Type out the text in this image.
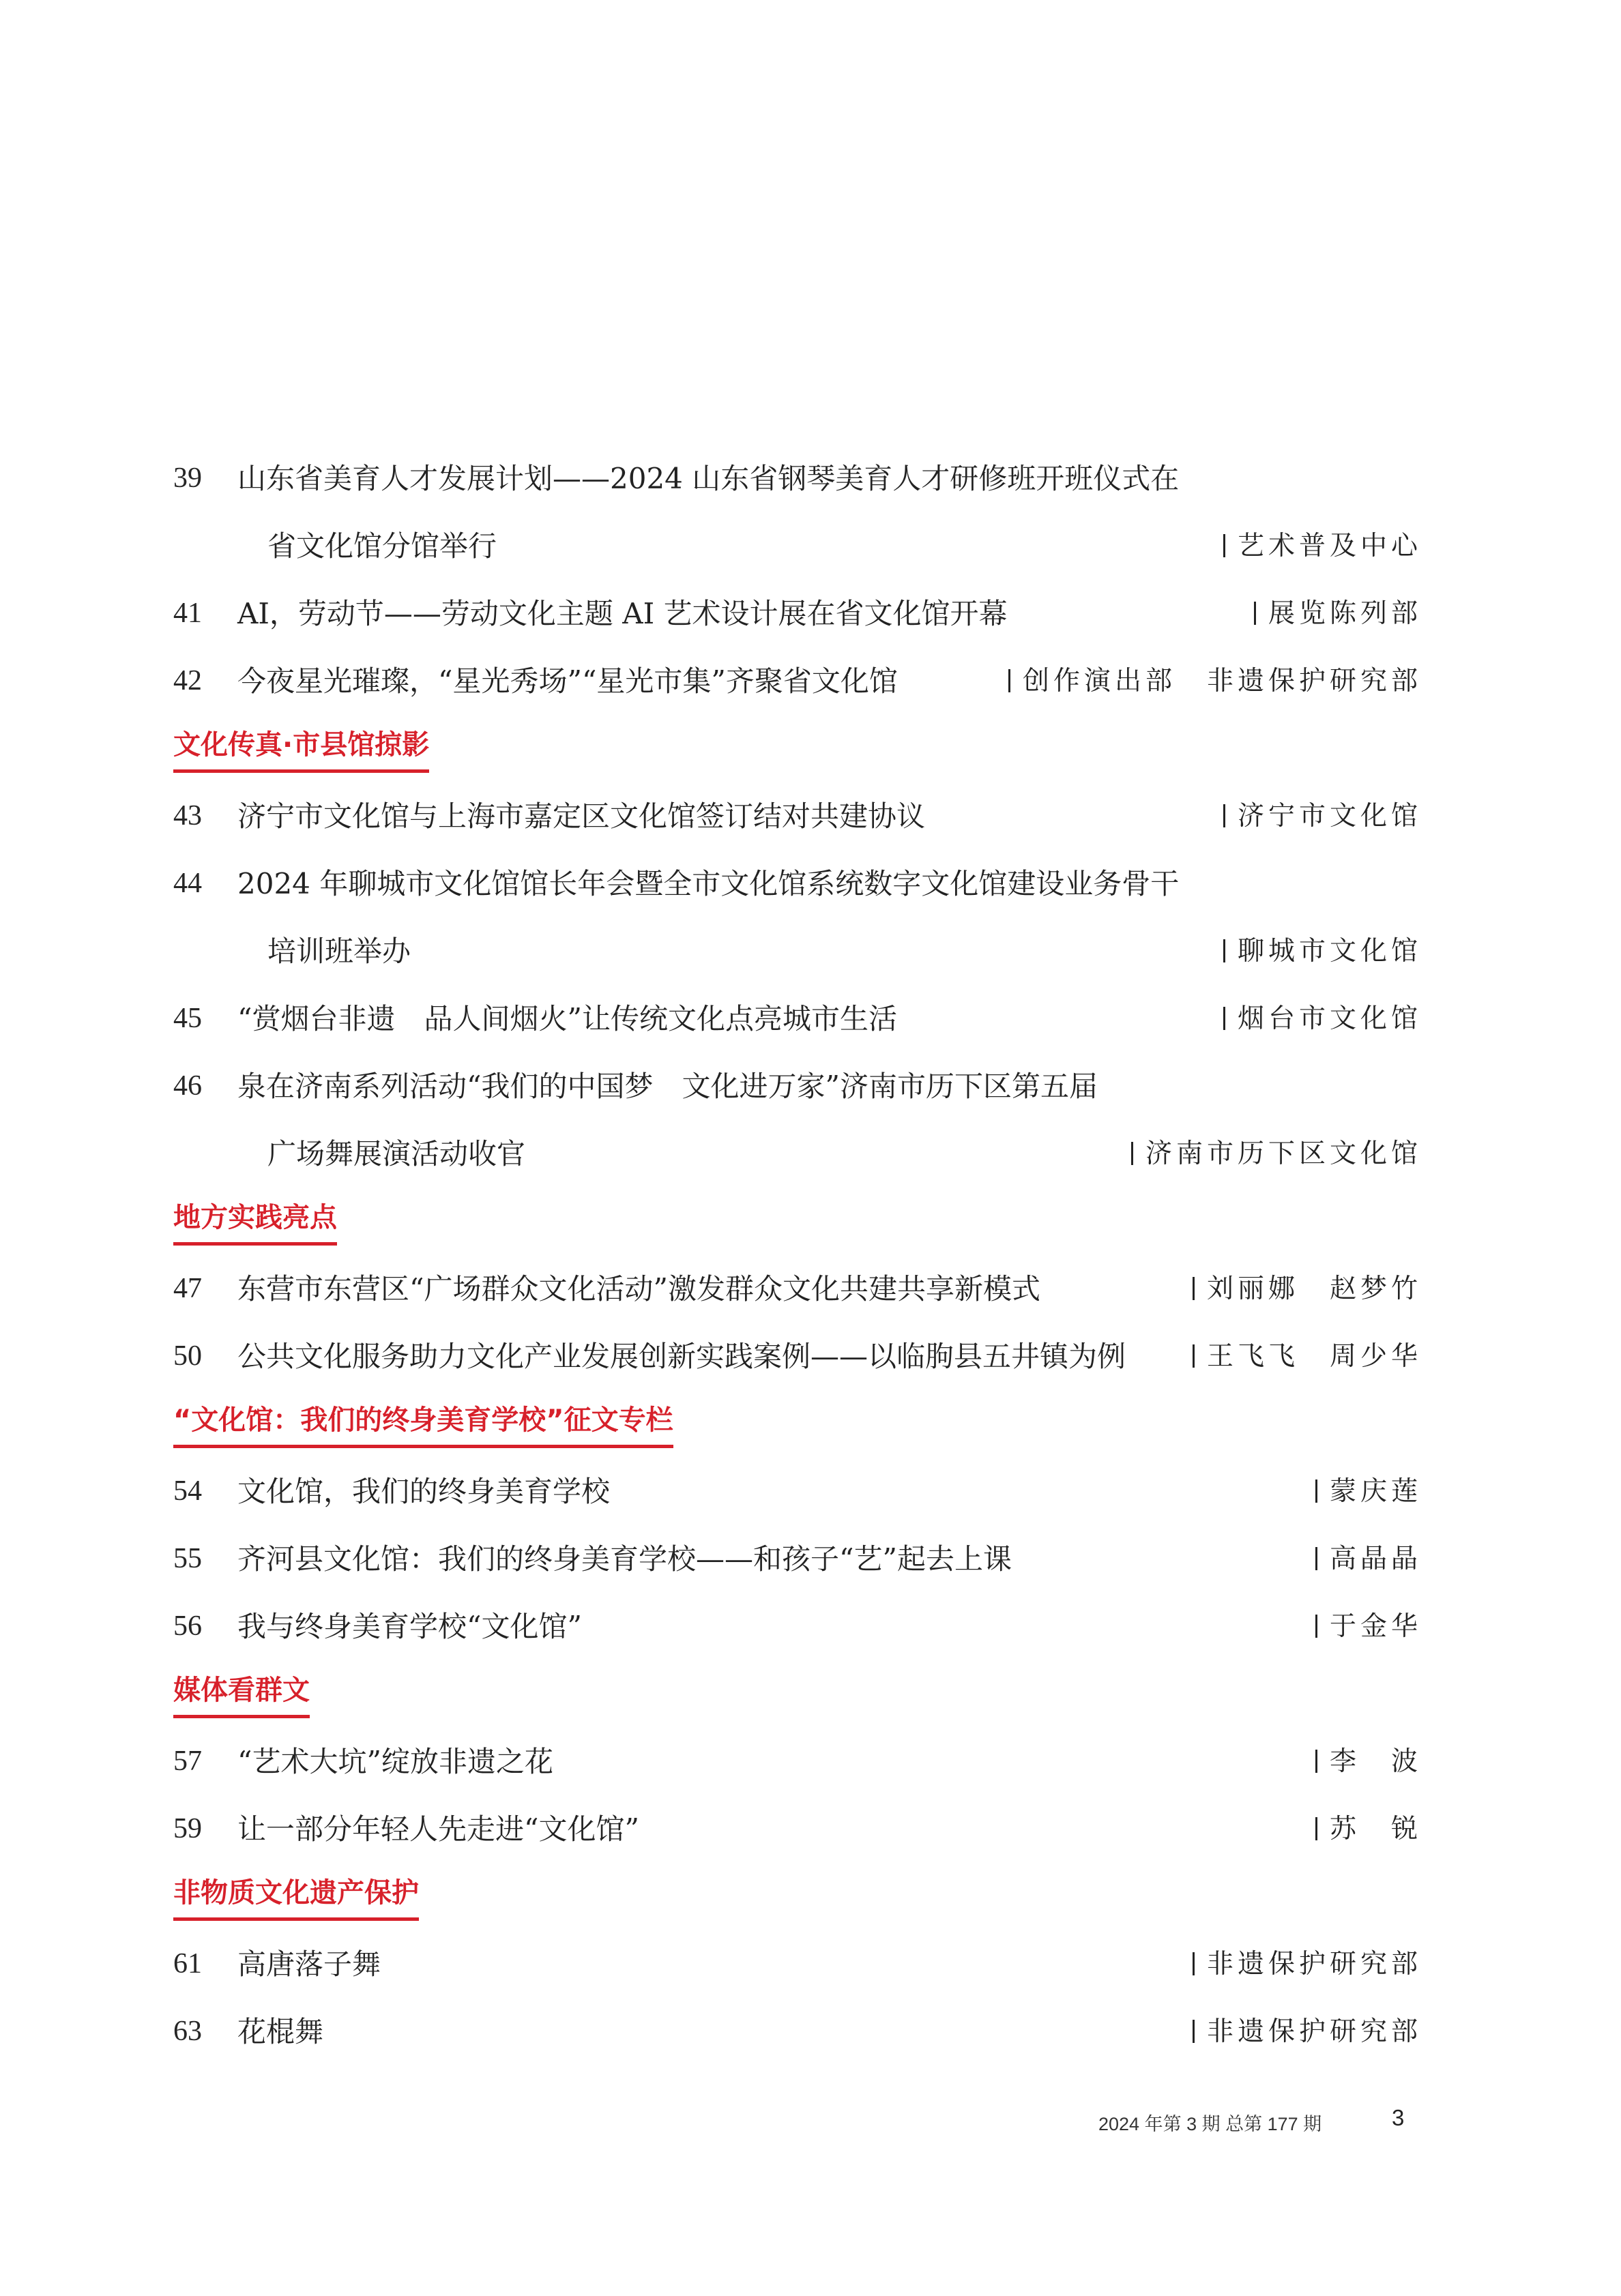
39 山东省美育人才发展计划——2024 山东省钢琴美育人才研修班开班仪式在
省文化馆分馆举行	艺术普及中心
41 AI，劳动节——劳动文化主题 AI 艺术设计展在省文化馆开幕	展览陈列部
42 今夜星光璀璨，“星光秀场”“星光市集”齐聚省文化馆	创作演出部　非遗保护研究部
文化传真·市县馆掠影
43 济宁市文化馆与上海市嘉定区文化馆签订结对共建协议	济宁市文化馆
44 2024 年聊城市文化馆馆长年会暨全市文化馆系统数字文化馆建设业务骨干
培训班举办	聊城市文化馆
45 “赏烟台非遗　品人间烟火”让传统文化点亮城市生活	烟台市文化馆
46 泉在济南系列活动“我们的中国梦　文化进万家”济南市历下区第五届
广场舞展演活动收官	济南市历下区文化馆
地方实践亮点
47 东营市东营区“广场群众文化活动”激发群众文化共建共享新模式	刘丽娜　赵梦竹
50 公共文化服务助力文化产业发展创新实践案例——以临朐县五井镇为例	王飞飞　周少华
“文化馆：我们的终身美育学校”征文专栏
54 文化馆，我们的终身美育学校	蒙庆莲
55 齐河县文化馆：我们的终身美育学校——和孩子“艺”起去上课	高晶晶
56 我与终身美育学校“文化馆”	于金华
媒体看群文
57 “艺术大坑”绽放非遗之花	李　波
59 让一部分年轻人先走进“文化馆”	苏　锐
非物质文化遗产保护
61 高唐落子舞	非遗保护研究部
63 花棍舞	非遗保护研究部
2024 年第 3 期 总第 177 期	3
